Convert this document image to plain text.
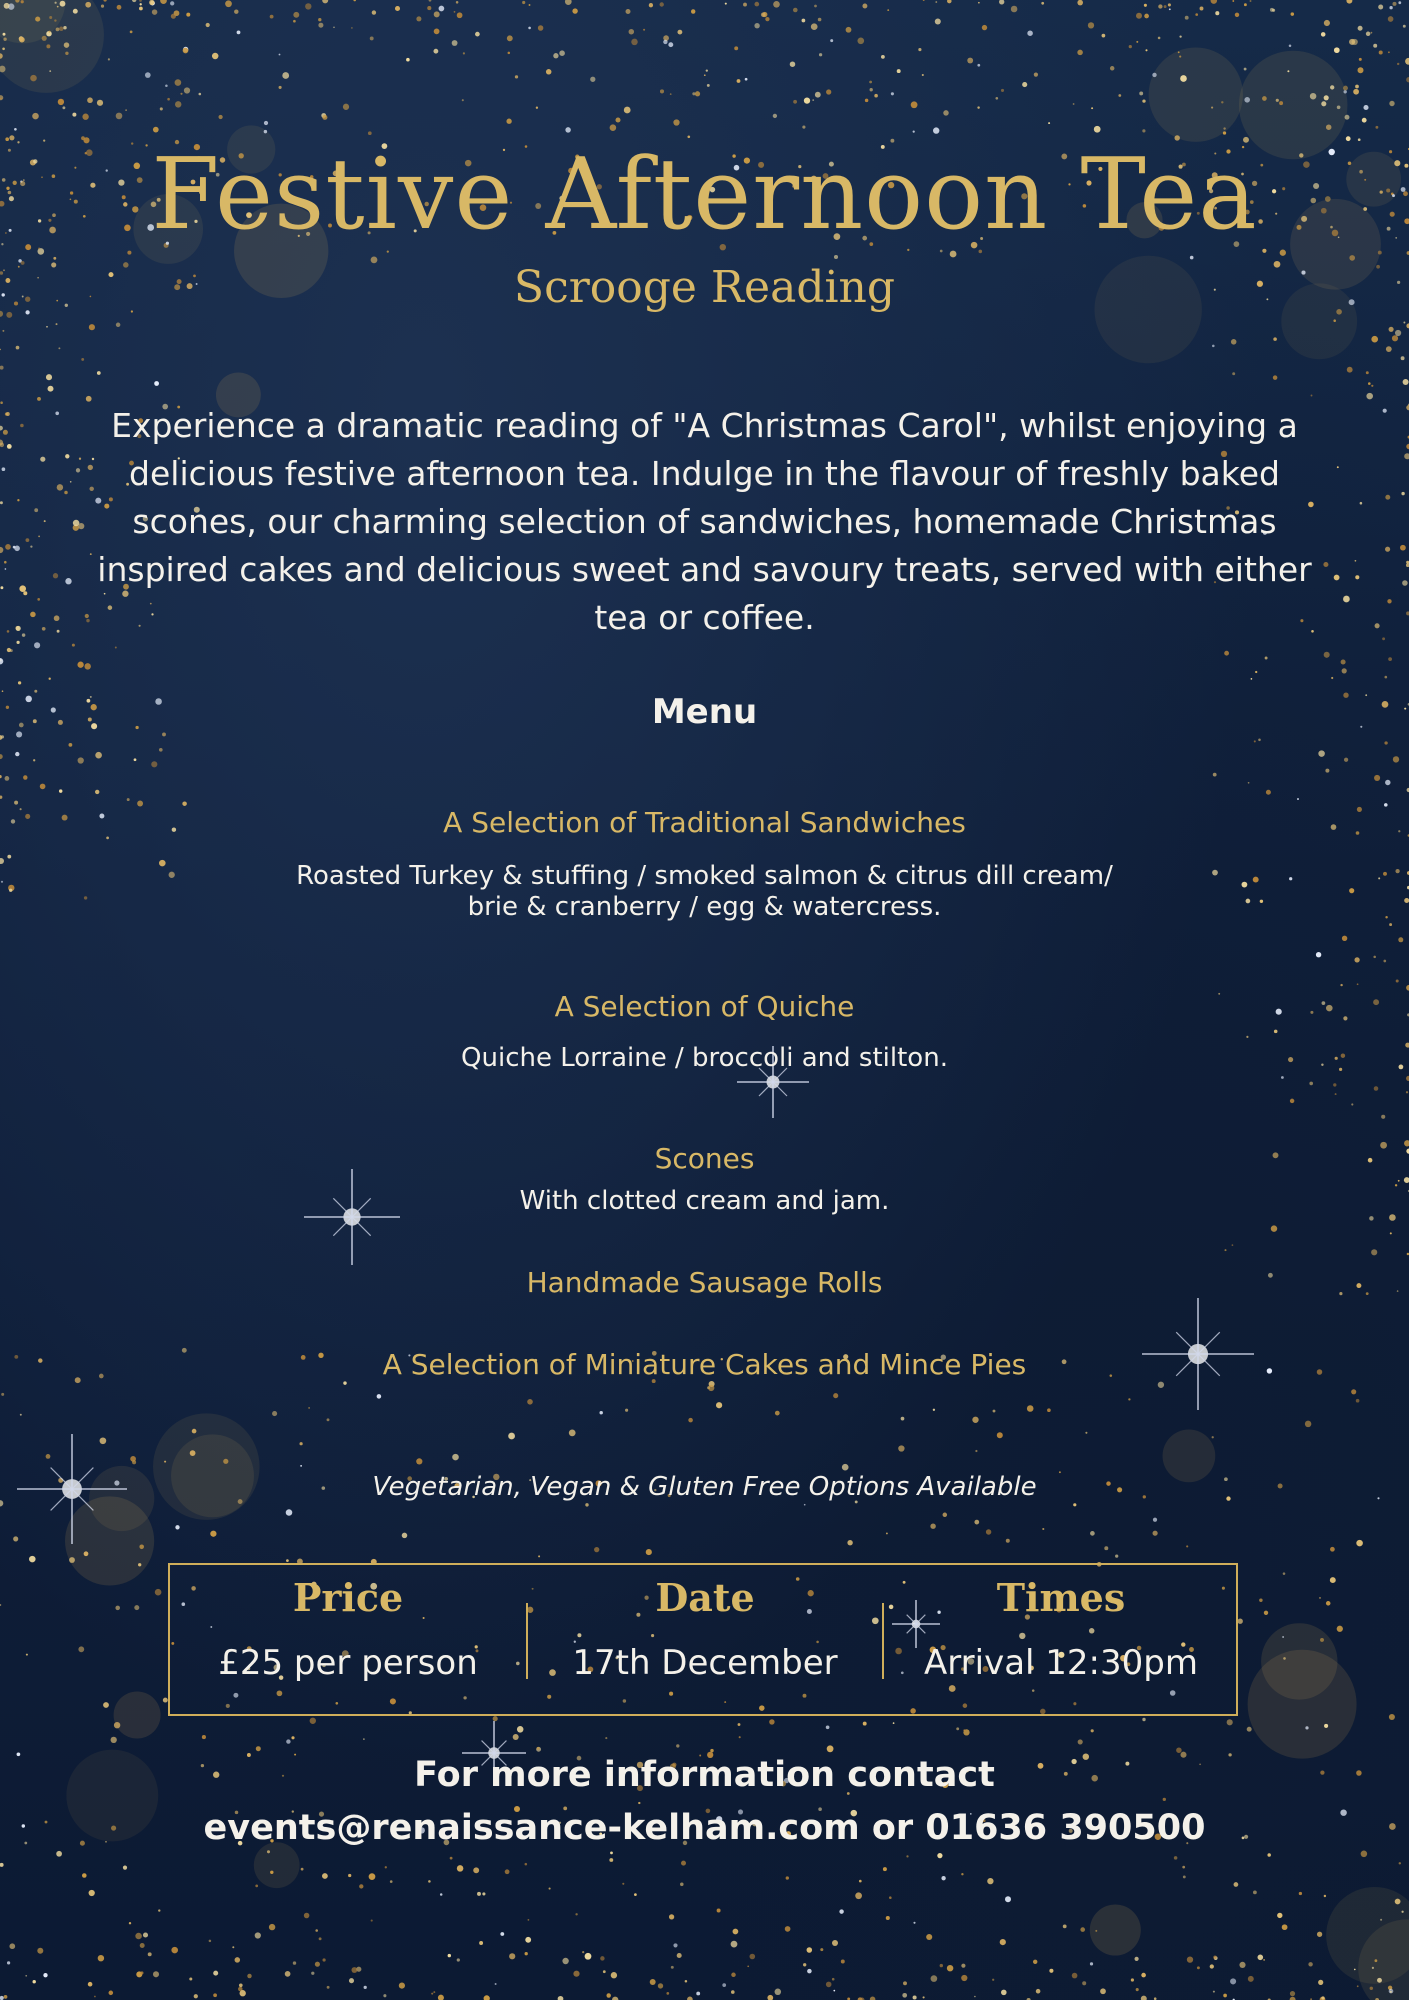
Festive Afternoon Tea
Scrooge Reading
Experience a dramatic reading of "A Christmas Carol", whilst enjoying a delicious festive afternoon tea. Indulge in the flavour of freshly baked scones, our charming selection of sandwiches, homemade Christmas inspired cakes and delicious sweet and savoury treats, served with either tea or coffee.
Menu
A Selection of Traditional Sandwiches
Roasted Turkey & stuffing / smoked salmon & citrus dill cream/ brie & cranberry / egg & watercress.
A Selection of Quiche
Quiche Lorraine / broccoli and stilton.
Scones
With clotted cream and jam.
Handmade Sausage Rolls
A Selection of Miniature Cakes and Mince Pies
Vegetarian, Vegan & Gluten Free Options Available
Price
£25 per person
Date
17th December
Times
Arrival 12:30pm
For more information contact
events@renaissance-kelham.com or 01636 390500
